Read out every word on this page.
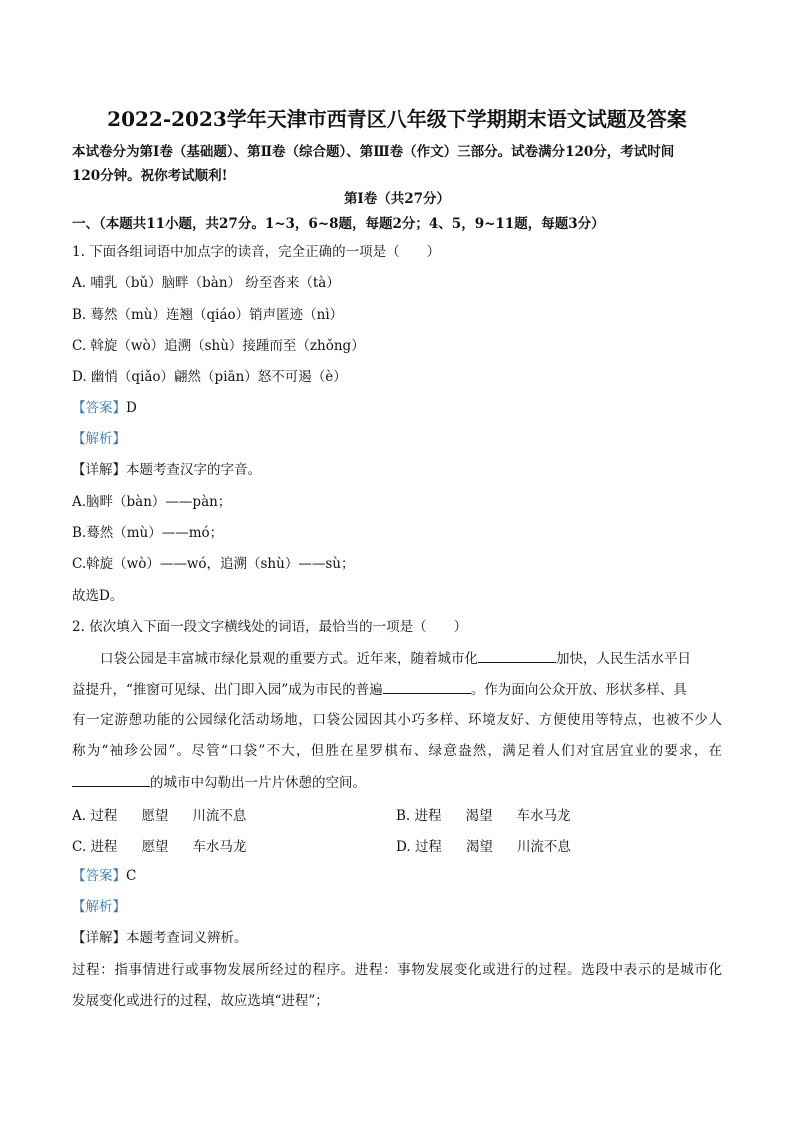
2022-2023学年天津市西青区八年级下学期期末语文试题及答案
本试卷分为第Ⅰ卷（基础题）、第Ⅱ卷（综合题）、第Ⅲ卷（作文）三部分。试卷满分120分，考试时间
120分钟。祝你考试顺利!
第Ⅰ卷（共27分）
一、（本题共11小题，共27分。1~3，6~8题，每题2分；4、5，9~11题，每题3分）
1. 下面各组词语中加点字的读音，完全正确的一项是（　　）
A. 哺乳（bǔ）脑畔（bàn） 纷至沓来（tà）
B. 蓦然（mù）连翘（qiáo）销声匿迹（nì）
C. 斡旋（wò）追溯（shù）接踵而至（zhǒng）
D. 幽悄（qiǎo）翩然（piān）怒不可遏（è）
【答案】D
【解析】
【详解】本题考查汉字的字音。
A.脑畔（bàn）——pàn；
B.蓦然（mù）——mó；
C.斡旋（wò）——wó，追溯（shù）——sù；
故选D。
2. 依次填入下面一段文字横线处的词语，最恰当的一项是（　　）
口袋公园是丰富城市绿化景观的重要方式。近年来，随着城市化	加快，人民生活水平日
益提升，“推窗可见绿、出门即入园”成为市民的普遍	。作为面向公众开放、形状多样、具
有一定游憩功能的公园绿化活动场地，口袋公园因其小巧多样、环境友好、方便使用等特点，也被不少人
称为“袖珍公园”。尽管“口袋”不大，但胜在星罗棋布、绿意盎然，满足着人们对宜居宜业的要求，在
的城市中勾勒出一片片休憩的空间。
A. 过程 愿望 川流不息	B. 进程 渴望 车水马龙
C. 进程 愿望 车水马龙	D. 过程 渴望 川流不息
【答案】C
【解析】
【详解】本题考查词义辨析。
过程：指事情进行或事物发展所经过的程序。进程：事物发展变化或进行的过程。选段中表示的是城市化
发展变化或进行的过程，故应选填“进程”；
